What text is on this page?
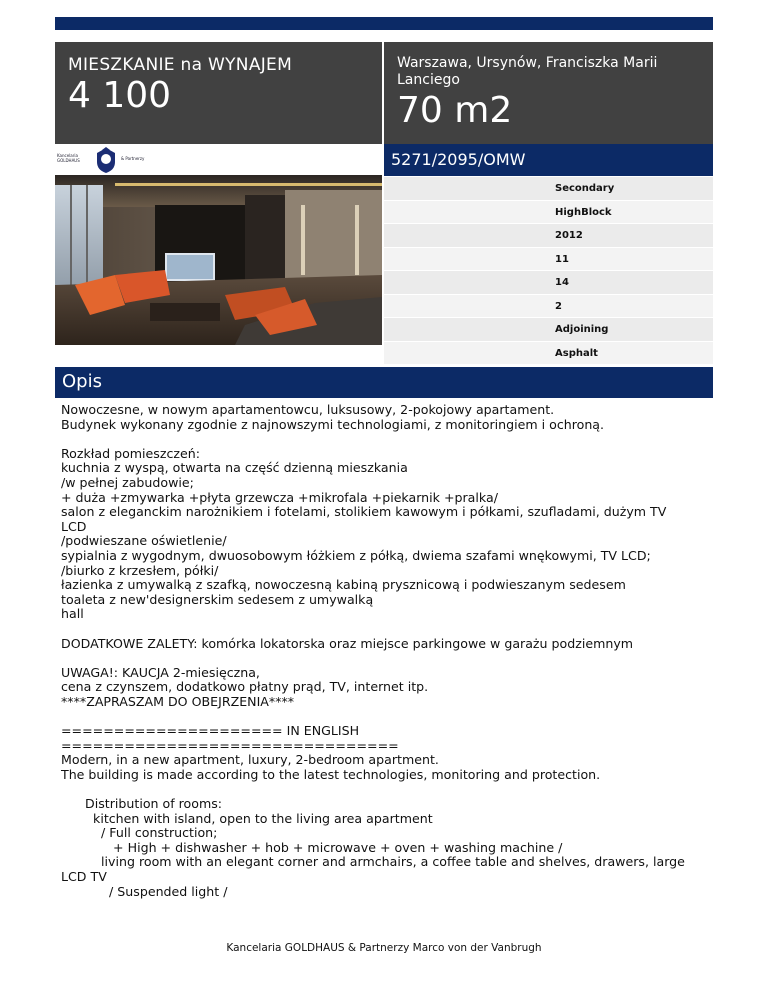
MIESZKANIE na WYNAJEM
4 100
Warszawa, Ursynów, Franciszka Marii Lanciego
70 m2
Kancelaria GOLDHAUS	& Partnerzy	5271/2095/OMW
Secondary
HighBlock
2012
11
14
2
Adjoining
Asphalt
Opis
Nowoczesne, w nowym apartamentowcu, luksusowy, 2-pokojowy apartament.
Budynek wykonany zgodnie z najnowszymi technologiami, z monitoringiem i ochroną.

Rozkład pomieszczeń:
kuchnia z wyspą, otwarta na część dzienną mieszkania
/w pełnej zabudowie;
+ duża +zmywarka +płyta grzewcza +mikrofala +piekarnik +pralka/
salon z eleganckim narożnikiem i fotelami, stolikiem kawowym i półkami, szufladami, dużym TV
LCD
/podwieszane oświetlenie/
sypialnia z wygodnym, dwuosobowym łóżkiem z półką, dwiema szafami wnękowymi, TV LCD;
/biurko z krzesłem, półki/
łazienka z umywalką z szafką, nowoczesną kabiną prysznicową i podwieszanym sedesem
toaleta z new'designerskim sedesem z umywalką
hall

DODATKOWE ZALETY: komórka lokatorska oraz miejsce parkingowe w garażu podziemnym

UWAGA!: KAUCJA 2-miesięczna,
cena z czynszem, dodatkowo płatny prąd, TV, internet itp.
****ZAPRASZAM DO OBEJRZENIA****

===================== IN ENGLISH
================================
Modern, in a new apartment, luxury, 2-bedroom apartment.
The building is made according to the latest technologies, monitoring and protection.

Distribution of rooms:
kitchen with island, open to the living area apartment
/ Full construction;
+ High + dishwasher + hob + microwave + oven + washing machine /
living room with an elegant corner and armchairs, a coffee table and shelves, drawers, large
LCD TV
/ Suspended light /
Kancelaria GOLDHAUS & Partnerzy Marco von der Vanbrugh
